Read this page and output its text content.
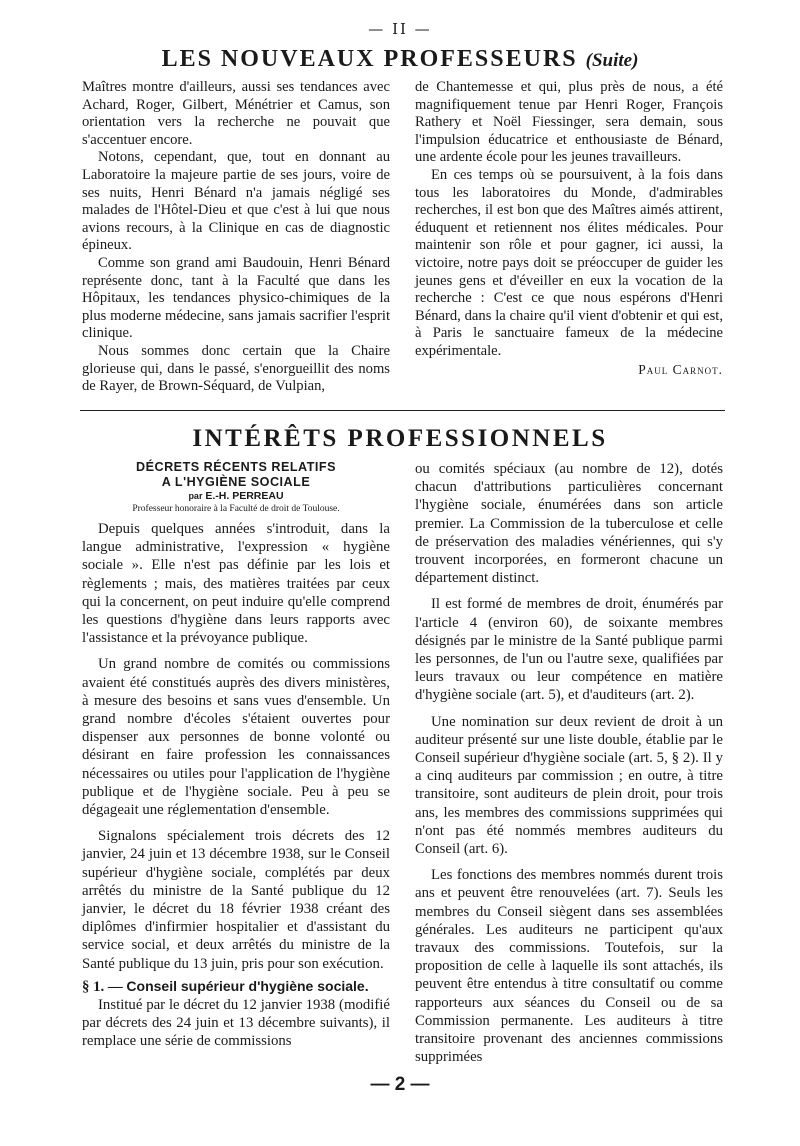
— II —
LES NOUVEAUX PROFESSEURS (Suite)

Maîtres montre d'ailleurs, aussi ses tendances avec Achard, Roger, Gilbert, Ménétrier et Camus, son orientation vers la recherche ne pouvait que s'accentuer encore.

Notons, cependant, que, tout en donnant au Laboratoire la majeure partie de ses jours, voire de ses nuits, Henri Bénard n'a jamais négligé ses malades de l'Hôtel-Dieu et que c'est à lui que nous avions recours, à la Clinique en cas de diagnostic épineux.

Comme son grand ami Baudouin, Henri Bénard représente donc, tant à la Faculté que dans les Hôpitaux, les tendances physico-chimiques de la plus moderne médecine, sans jamais sacrifier l'esprit clinique.

Nous sommes donc certain que la Chaire glorieuse qui, dans le passé, s'enorgueillit des noms de Rayer, de Brown-Séquard, de Vulpian,

de Chantemesse et qui, plus près de nous, a été magnifiquement tenue par Henri Roger, François Rathery et Noël Fiessinger, sera demain, sous l'impulsion éducatrice et enthousiaste de Bénard, une ardente école pour les jeunes travailleurs.

En ces temps où se poursuivent, à la fois dans tous les laboratoires du Monde, d'admirables recherches, il est bon que des Maîtres aimés attirent, éduquent et retiennent nos élites médicales. Pour maintenir son rôle et pour gagner, ici aussi, la victoire, notre pays doit se préoccuper de guider les jeunes gens et d'éveiller en eux la vocation de la recherche : C'est ce que nous espérons d'Henri Bénard, dans la chaire qu'il vient d'obtenir et qui est, à Paris le sanctuaire fameux de la médecine expérimentale.

Paul Carnot.

INTÉRÊTS PROFESSIONNELS
DÉCRETS RÉCENTS RELATIFS
A L'HYGIÈNE SOCIALE
par E.-H. PERREAU
Professeur honoraire à la Faculté de droit de Toulouse.

Depuis quelques années s'introduit, dans la langue administrative, l'expression « hygiène sociale ». Elle n'est pas définie par les lois et règlements ; mais, des matières traitées par ceux qui la concernent, on peut induire qu'elle comprend les questions d'hygiène dans leurs rapports avec l'assistance et la prévoyance publique.

Un grand nombre de comités ou commissions avaient été constitués auprès des divers ministères, à mesure des besoins et sans vues d'ensemble. Un grand nombre d'écoles s'étaient ouvertes pour dispenser aux personnes de bonne volonté ou désirant en faire profession les connaissances nécessaires ou utiles pour l'application de l'hygiène publique et de l'hygiène sociale. Peu à peu se dégageait une réglementation d'ensemble.

Signalons spécialement trois décrets des 12 janvier, 24 juin et 13 décembre 1938, sur le Conseil supérieur d'hygiène sociale, complétés par deux arrêtés du ministre de la Santé publique du 12 janvier, le décret du 18 février 1938 créant des diplômes d'infirmier hospitalier et d'assistant du service social, et deux arrêtés du ministre de la Santé publique du 13 juin, pris pour son exécution.

§ 1. — Conseil supérieur d'hygiène sociale.

Institué par le décret du 12 janvier 1938 (modifié par décrets des 24 juin et 13 décembre suivants), il remplace une série de commissions

ou comités spéciaux (au nombre de 12), dotés chacun d'attributions particulières concernant l'hygiène sociale, énumérées dans son article premier. La Commission de la tuberculose et celle de préservation des maladies vénériennes, qui s'y trouvent incorporées, en formeront chacune un département distinct.

Il est formé de membres de droit, énumérés par l'article 4 (environ 60), de soixante membres désignés par le ministre de la Santé publique parmi les personnes, de l'un ou l'autre sexe, qualifiées par leurs travaux ou leur compétence en matière d'hygiène sociale (art. 5), et d'auditeurs (art. 2).

Une nomination sur deux revient de droit à un auditeur présenté sur une liste double, établie par le Conseil supérieur d'hygiène sociale (art. 5, § 2). Il y a cinq auditeurs par commission ; en outre, à titre transitoire, sont auditeurs de plein droit, pour trois ans, les membres des commissions supprimées qui n'ont pas été nommés membres auditeurs du Conseil (art. 6).

Les fonctions des membres nommés durent trois ans et peuvent être renouvelées (art. 7). Seuls les membres du Conseil siègent dans ses assemblées générales. Les auditeurs ne participent qu'aux travaux des commissions. Toutefois, sur la proposition de celle à laquelle ils sont attachés, ils peuvent être entendus à titre consultatif ou comme rapporteurs aux séances du Conseil ou de sa Commission permanente. Les auditeurs à titre transitoire provenant des anciennes commissions supprimées

— 2 —
